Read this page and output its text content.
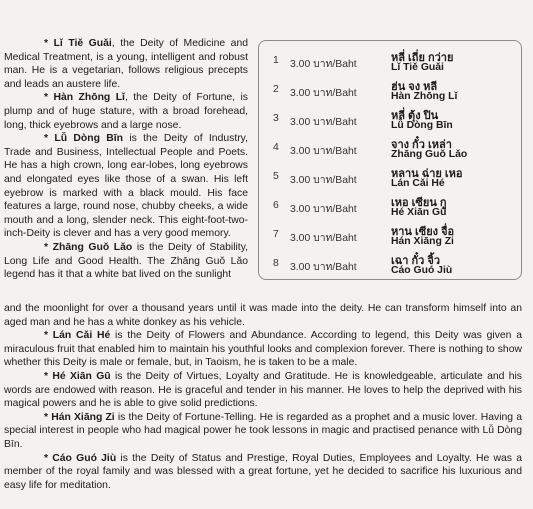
* Lǐ Tiě Guǎi, the Deity of Medicine and Medical Treatment, is a young, intelligent and robust man. He is a vegetarian, follows religious precepts and leads an austere life.

* Hàn Zhōng Lǐ, the Deity of Fortune, is plump and of huge stature, with a broad forehead, long, thick eyebrows and a large nose.

* Lǚ Dòng Bīn is the Deity of Industry, Trade and Business, Intellectual People and Poets. He has a high crown, long ear-lobes, long eyebrows and elongated eyes like those of a swan. His left eyebrow is marked with a black mould. His face features a large, round nose, chubby cheeks, a wide mouth and a long, slender neck. This eight-foot-two-inch-Deity is clever and has a very good memory.

* Zhāng Guǒ Lǎo is the Deity of Stability, Long Life and Good Health. The Zhāng Guǒ Lǎo legend has it that a white bat lived on the sunlight

1 3.00 บาท/Baht
หลี่ เถี่ย กว่าย
Lǐ Tiě Guǎi
2 3.00 บาท/Baht
ฮ่น จง หลี
Hàn Zhōng Lǐ
3 3.00 บาท/Baht
หลี่ ตุ้ง ปิน
Lǚ Dòng Bīn
4 3.00 บาท/Baht
จาง กั๋ว เหล่า
Zhāng Guǒ Lǎo
5 3.00 บาท/Baht
หลาน ฉ่าย เหอ
Lán Cǎi Hé
6 3.00 บาท/Baht
เหอ เซียน กู
Hé Xiān Gū
7 3.00 บาท/Baht
หาน เซียง จื่อ
Hán Xiāng Zi
8 3.00 บาท/Baht
เฉา กั๋ว จิ้ว
Cáo Guó Jiù

and the moonlight for over a thousand years until it was made into the deity. He can transform himself into an aged man and he has a white donkey as his vehicle.

* Lán Cǎi Hé is the Deity of Flowers and Abundance. According to legend, this Deity was given a miraculous fruit that enabled him to maintain his youthful looks and complexion forever. There is nothing to show whether this Deity is male or female, but, in Taoism, he is taken to be a male.

* Hé Xiān Gū is the Deity of Virtues, Loyalty and Gratitude. He is knowledgeable, articulate and his words are endowed with reason. He is graceful and tender in his manner. He loves to help the deprived with his magical powers and he is able to give solid predictions.

* Hán Xiāng Zi is the Deity of Fortune-Telling. He is regarded as a prophet and a music lover. Having a special interest in people who had magical power he took lessons in magic and practised penance with Lǚ Dòng Bīn.

* Cáo Guó Jiù is the Deity of Status and Prestige, Royal Duties, Employees and Loyalty. He was a member of the royal family and was blessed with a great fortune, yet he decided to sacrifice his luxurious and easy life for meditation.
